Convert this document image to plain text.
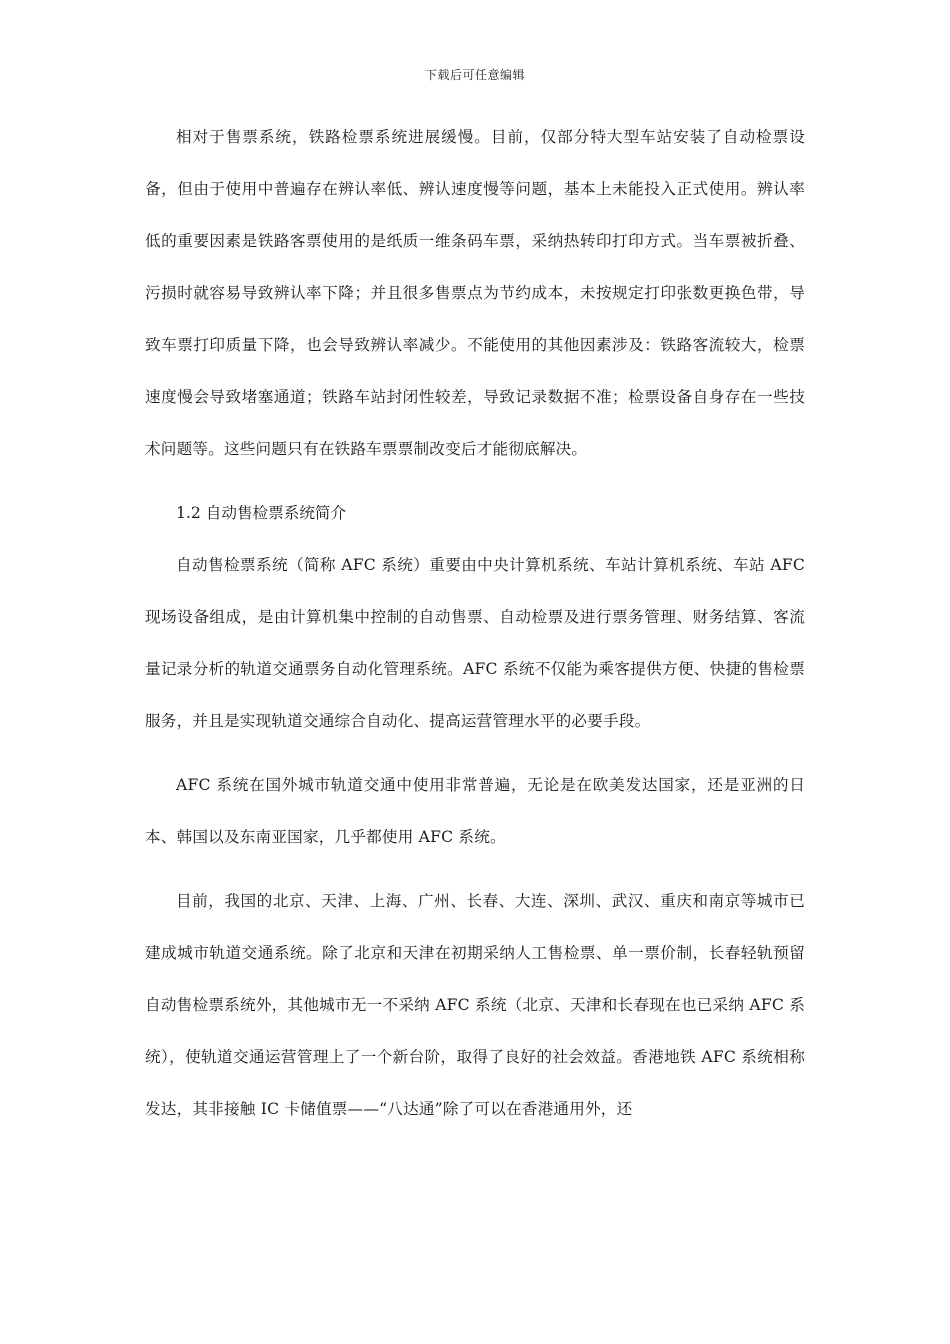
下载后可任意编辑

相对于售票系统，铁路检票系统进展缓慢。目前，仅部分特大型车站安装了自动检票设备，但由于使用中普遍存在辨认率低、辨认速度慢等问题，基本上未能投入正式使用。辨认率低的重要因素是铁路客票使用的是纸质一维条码车票，采纳热转印打印方式。当车票被折叠、污损时就容易导致辨认率下降；并且很多售票点为节约成本，未按规定打印张数更换色带，导致车票打印质量下降，也会导致辨认率减少。不能使用的其他因素涉及：铁路客流较大，检票速度慢会导致堵塞通道；铁路车站封闭性较差，导致记录数据不准；检票设备自身存在一些技术问题等。这些问题只有在铁路车票票制改变后才能彻底解决。

1.2 自动售检票系统简介

自动售检票系统（简称 AFC 系统）重要由中央计算机系统、车站计算机系统、车站 AFC 现场设备组成，是由计算机集中控制的自动售票、自动检票及进行票务管理、财务结算、客流量记录分析的轨道交通票务自动化管理系统。AFC 系统不仅能为乘客提供方便、快捷的售检票服务，并且是实现轨道交通综合自动化、提高运营管理水平的必要手段。

AFC 系统在国外城市轨道交通中使用非常普遍，无论是在欧美发达国家，还是亚洲的日本、韩国以及东南亚国家，几乎都使用 AFC 系统。

目前，我国的北京、天津、上海、广州、长春、大连、深圳、武汉、重庆和南京等城市已建成城市轨道交通系统。除了北京和天津在初期采纳人工售检票、单一票价制，长春轻轨预留自动售检票系统外，其他城市无一不采纳 AFC 系统（北京、天津和长春现在也已采纳 AFC 系统），使轨道交通运营管理上了一个新台阶，取得了良好的社会效益。香港地铁 AFC 系统相称发达，其非接触 IC 卡储值票——“八达通”除了可以在香港通用外，还
